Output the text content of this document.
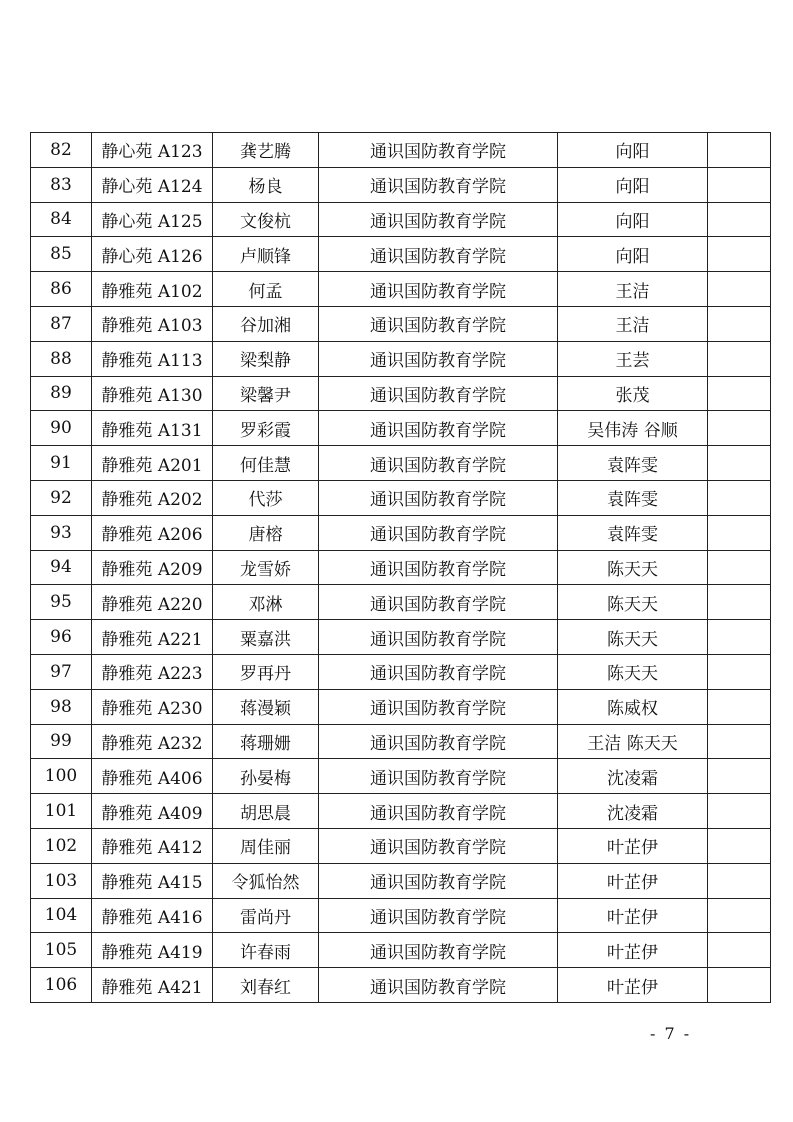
82	静心苑 A123	龚艺腾	通识国防教育学院	向阳	
83	静心苑 A124	杨良	通识国防教育学院	向阳	
84	静心苑 A125	文俊杭	通识国防教育学院	向阳	
85	静心苑 A126	卢顺锋	通识国防教育学院	向阳	
86	静雅苑 A102	何孟	通识国防教育学院	王洁	
87	静雅苑 A103	谷加湘	通识国防教育学院	王洁	
88	静雅苑 A113	梁梨静	通识国防教育学院	王芸	
89	静雅苑 A130	梁馨尹	通识国防教育学院	张茂	
90	静雅苑 A131	罗彩霞	通识国防教育学院	吴伟涛 谷顺	
91	静雅苑 A201	何佳慧	通识国防教育学院	袁阵雯	
92	静雅苑 A202	代莎	通识国防教育学院	袁阵雯	
93	静雅苑 A206	唐榕	通识国防教育学院	袁阵雯	
94	静雅苑 A209	龙雪娇	通识国防教育学院	陈天天	
95	静雅苑 A220	邓淋	通识国防教育学院	陈天天	
96	静雅苑 A221	粟嘉洪	通识国防教育学院	陈天天	
97	静雅苑 A223	罗再丹	通识国防教育学院	陈天天	
98	静雅苑 A230	蒋漫颖	通识国防教育学院	陈威权	
99	静雅苑 A232	蒋珊姗	通识国防教育学院	王洁 陈天天	
100	静雅苑 A406	孙晏梅	通识国防教育学院	沈凌霜	
101	静雅苑 A409	胡思晨	通识国防教育学院	沈凌霜	
102	静雅苑 A412	周佳丽	通识国防教育学院	叶芷伊	
103	静雅苑 A415	令狐怡然	通识国防教育学院	叶芷伊	
104	静雅苑 A416	雷尚丹	通识国防教育学院	叶芷伊	
105	静雅苑 A419	许春雨	通识国防教育学院	叶芷伊	
106	静雅苑 A421	刘春红	通识国防教育学院	叶芷伊	
- 7 -
